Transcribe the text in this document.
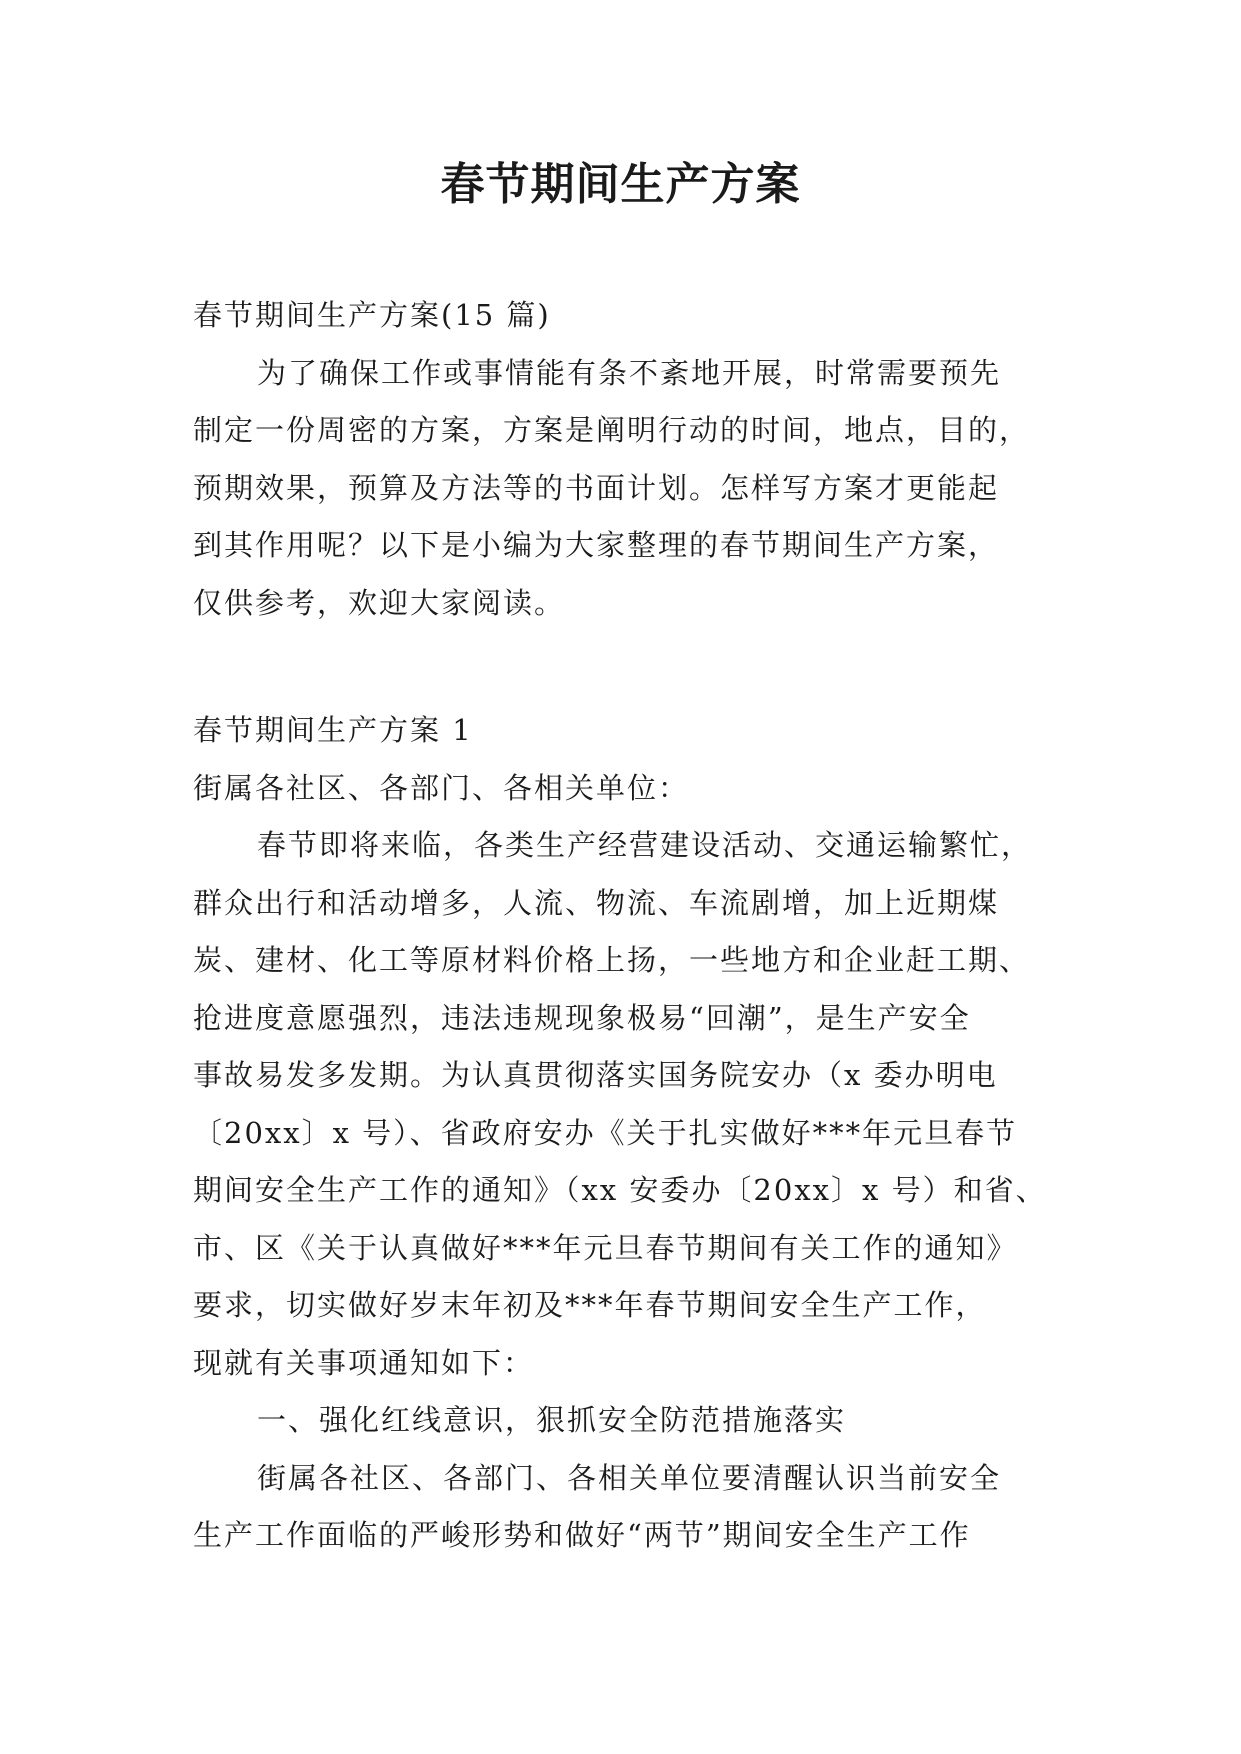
春节期间生产方案
春节期间生产方案(15 篇)
为了确保工作或事情能有条不紊地开展，时常需要预先
制定一份周密的方案，方案是阐明行动的时间，地点，目的，
预期效果，预算及方法等的书面计划。怎样写方案才更能起
到其作用呢？以下是小编为大家整理的春节期间生产方案，
仅供参考，欢迎大家阅读。
春节期间生产方案 1
街属各社区、各部门、各相关单位：
春节即将来临，各类生产经营建设活动、交通运输繁忙，
群众出行和活动增多，人流、物流、车流剧增，加上近期煤
炭、建材、化工等原材料价格上扬，一些地方和企业赶工期、
抢进度意愿强烈，违法违规现象极易“回潮”，是生产安全
事故易发多发期。为认真贯彻落实国务院安办（x 委办明电
〔20xx〕x 号）、省政府安办《关于扎实做好***年元旦春节
期间安全生产工作的通知》（xx 安委办〔20xx〕x 号）和省、
市、区《关于认真做好***年元旦春节期间有关工作的通知》
要求，切实做好岁末年初及***年春节期间安全生产工作，
现就有关事项通知如下：
一、强化红线意识，狠抓安全防范措施落实
街属各社区、各部门、各相关单位要清醒认识当前安全
生产工作面临的严峻形势和做好“两节”期间安全生产工作
